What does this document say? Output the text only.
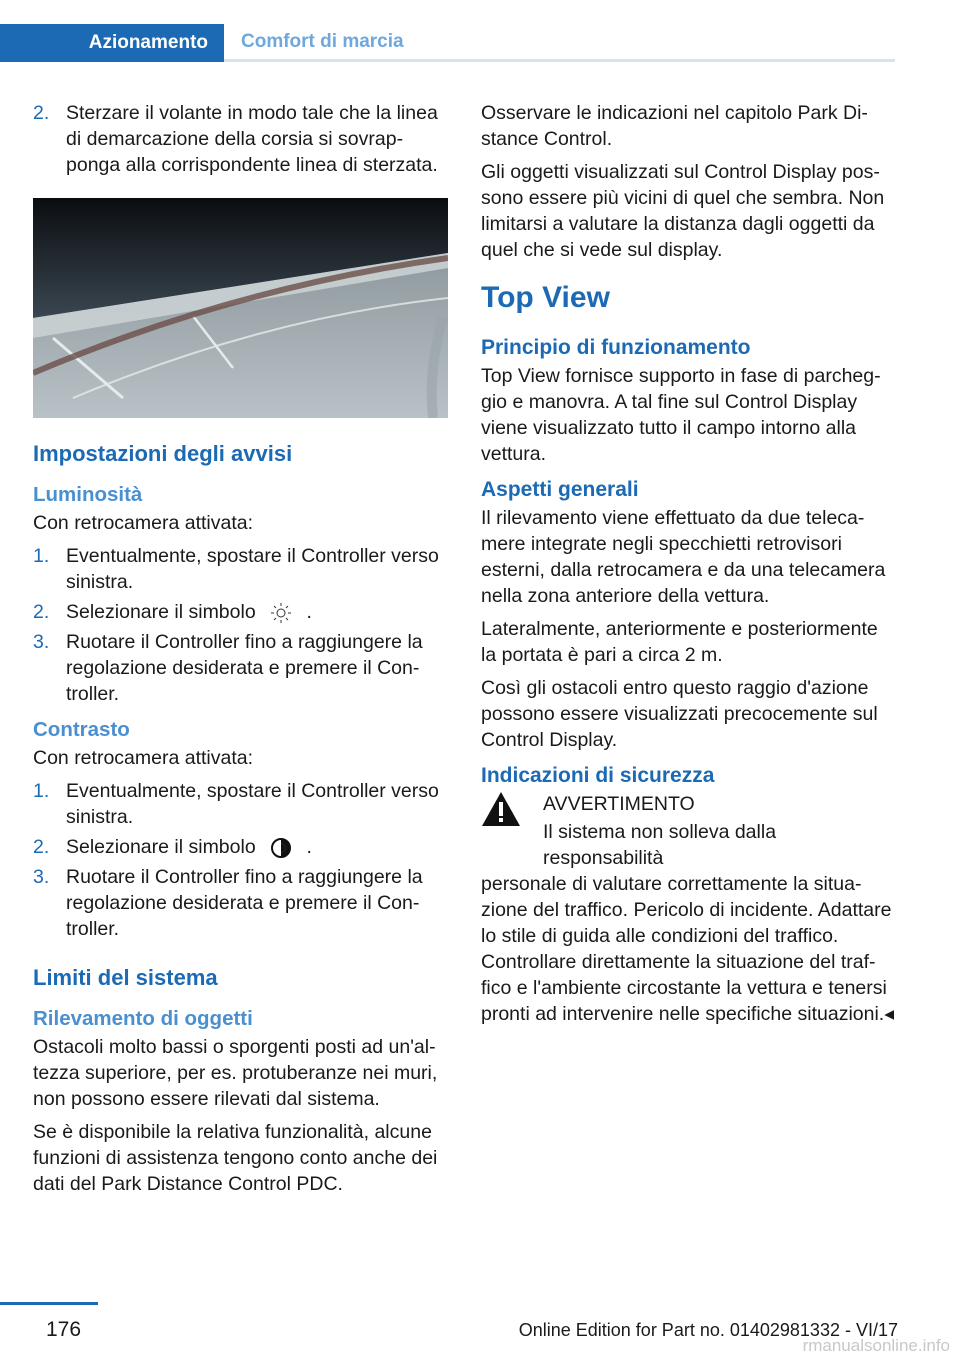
Azionamento	Comfort di marcia
2. Sterzare il volante in modo tale che la linea di demarcazione della corsia si sovrapponga alla corrispondente linea di sterzata.
Impostazioni degli avvisi
Luminosità

Con retrocamera attivata:

1. Eventualmente, spostare il Controller verso sinistra.
2. Selezionare il simbolo	.
3. Ruotare il Controller fino a raggiungere la regolazione desiderata e premere il Controller.
Contrasto

Con retrocamera attivata:

1. Eventualmente, spostare il Controller verso sinistra.
2. Selezionare il simbolo	.
3. Ruotare il Controller fino a raggiungere la regolazione desiderata e premere il Controller.
Limiti del sistema
Rilevamento di oggetti

Ostacoli molto bassi o sporgenti posti ad un'altezza superiore, per es. protuberanze nei muri, non possono essere rilevati dal sistema.

Se è disponibile la relativa funzionalità, alcune funzioni di assistenza tengono conto anche dei dati del Park Distance Control PDC.

Osservare le indicazioni nel capitolo Park Distance Control.

Gli oggetti visualizzati sul Control Display possono essere più vicini di quel che sembra. Non limitarsi a valutare la distanza dagli oggetti da quel che si vede sul display.

Top View
Principio di funzionamento

Top View fornisce supporto in fase di parcheggio e manovra. A tal fine sul Control Display viene visualizzato tutto il campo intorno alla vettura.

Aspetti generali

Il rilevamento viene effettuato da due telecamere integrate negli specchietti retrovisori esterni, dalla retrocamera e da una telecamera nella zona anteriore della vettura.

Lateralmente, anteriormente e posteriormente la portata è pari a circa 2 m.

Così gli ostacoli entro questo raggio d'azione possono essere visualizzati precocemente sul Control Display.

Indicazioni di sicurezza
AVVERTIMENTO
Il sistema non solleva dalla responsabilità
personale di valutare correttamente la situazione del traffico. Pericolo di incidente. Adattare lo stile di guida alle condizioni del traffico. Controllare direttamente la situazione del traffico e l'ambiente circostante la vettura e tenersi pronti ad intervenire nelle specifiche situazioni.◂
176	Online Edition for Part no. 01402981332 - VI/17
rmanualsonline.info
